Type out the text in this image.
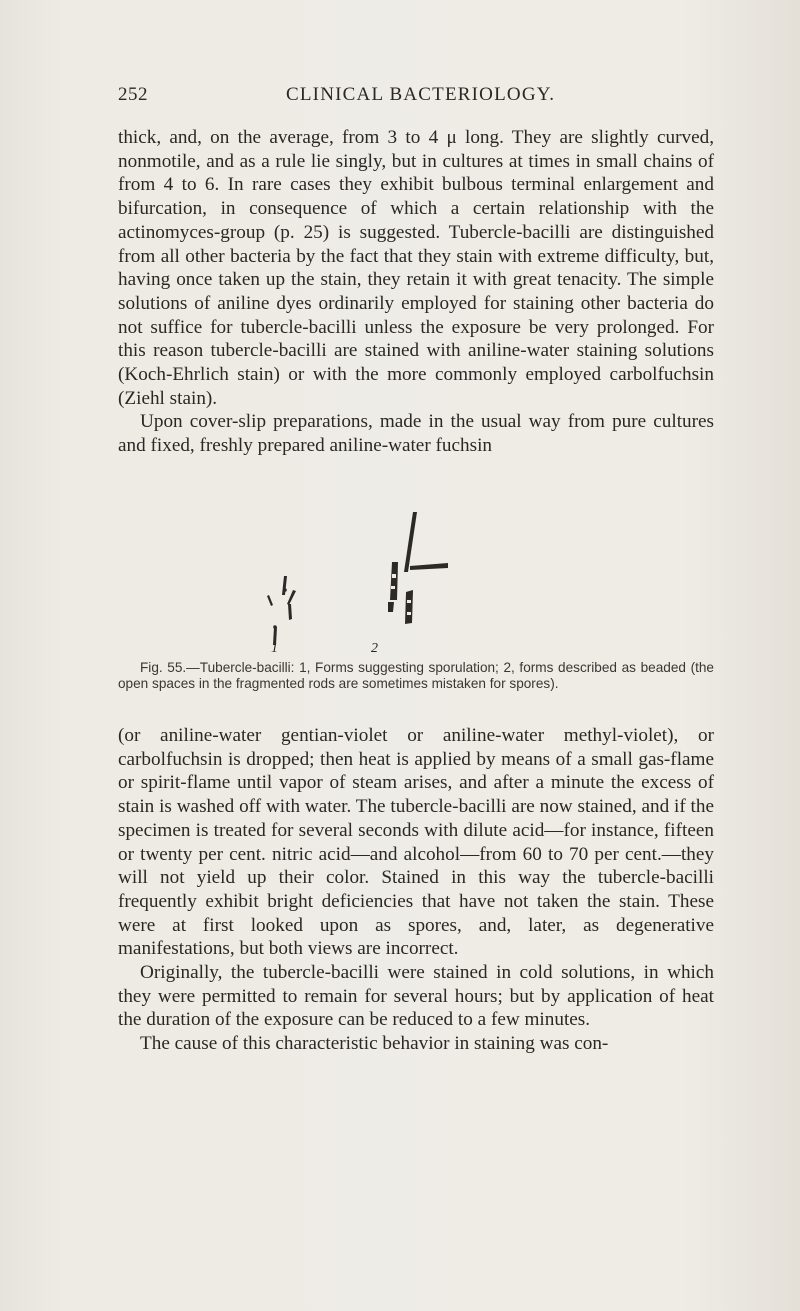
252	CLINICAL BACTERIOLOGY.

thick, and, on the average, from 3 to 4 μ long. They are slightly curved, nonmotile, and as a rule lie singly, but in cultures at times in small chains of from 4 to 6. In rare cases they exhibit bulbous terminal enlargement and bifurcation, in consequence of which a certain relationship with the actinomyces-group (p. 25) is suggested. Tubercle-bacilli are distinguished from all other bacteria by the fact that they stain with extreme difficulty, but, having once taken up the stain, they retain it with great tenacity. The simple solutions of aniline dyes ordinarily employed for staining other bacteria do not suffice for tubercle-bacilli unless the exposure be very prolonged. For this reason tubercle-bacilli are stained with aniline-water staining solutions (Koch-Ehrlich stain) or with the more commonly employed carbolfuchsin (Ziehl stain).

Upon cover-slip preparations, made in the usual way from pure cultures and fixed, freshly prepared aniline-water fuchsin

1	2
Fig. 55.—Tubercle-bacilli: 1, Forms suggesting sporulation; 2, forms described as beaded (the open spaces in the fragmented rods are sometimes mistaken for spores).

(or aniline-water gentian-violet or aniline-water methyl-violet), or carbolfuchsin is dropped; then heat is applied by means of a small gas-flame or spirit-flame until vapor of steam arises, and after a minute the excess of stain is washed off with water. The tubercle-bacilli are now stained, and if the specimen is treated for several seconds with dilute acid—for instance, fifteen or twenty per cent. nitric acid—and alcohol—from 60 to 70 per cent.—they will not yield up their color. Stained in this way the tubercle-bacilli frequently exhibit bright deficiencies that have not taken the stain. These were at first looked upon as spores, and, later, as degenerative manifestations, but both views are incorrect.

Originally, the tubercle-bacilli were stained in cold solutions, in which they were permitted to remain for several hours; but by application of heat the duration of the exposure can be reduced to a few minutes.

The cause of this characteristic behavior in staining was con-
